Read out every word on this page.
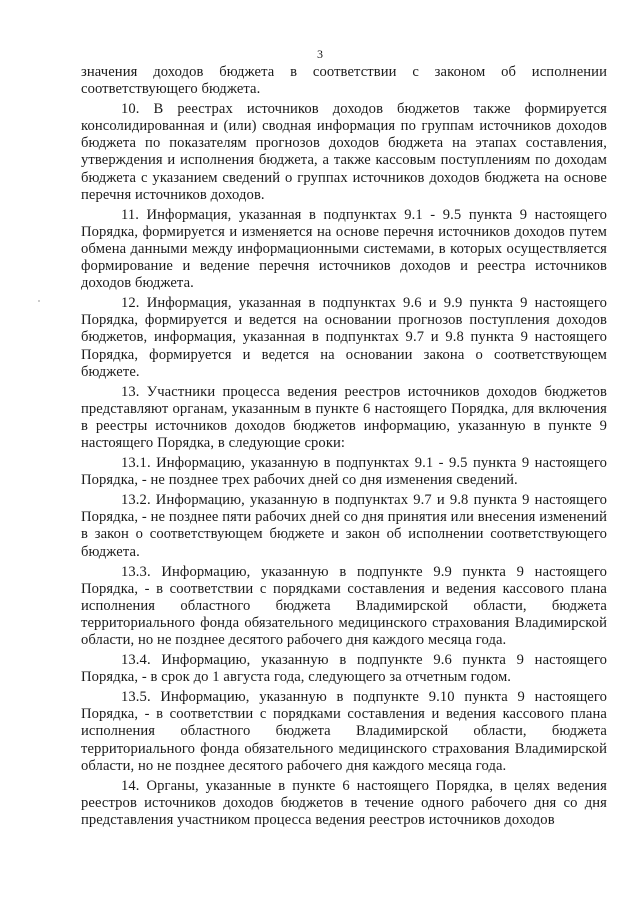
3

значения доходов бюджета в соответствии с законом об исполнении соответствующего бюджета.

10. В реестрах источников доходов бюджетов также формируется консолидированная и (или) сводная информация по группам источников доходов бюджета по показателям прогнозов доходов бюджета на этапах составления, утверждения и исполнения бюджета, а также кассовым поступлениям по доходам бюджета с указанием сведений о группах источников доходов бюджета на основе перечня источников доходов.

11. Информация, указанная в подпунктах 9.1 - 9.5 пункта 9 настоящего Порядка, формируется и изменяется на основе перечня источников доходов путем обмена данными между информационными системами, в которых осуществляется формирование и ведение перечня источников доходов и реестра источников доходов бюджета.

12. Информация, указанная в подпунктах 9.6 и 9.9 пункта 9 настоящего Порядка, формируется и ведется на основании прогнозов поступления доходов бюджетов, информация, указанная в подпунктах 9.7 и 9.8 пункта 9 настоящего Порядка, формируется и ведется на основании закона о соответствующем бюджете.

13. Участники процесса ведения реестров источников доходов бюджетов представляют органам, указанным в пункте 6 настоящего Порядка, для включения в реестры источников доходов бюджетов информацию, указанную в пункте 9 настоящего Порядка, в следующие сроки:

13.1. Информацию, указанную в подпунктах 9.1 - 9.5 пункта 9 настоящего Порядка, - не позднее трех рабочих дней со дня изменения сведений.

13.2. Информацию, указанную в подпунктах 9.7 и 9.8 пункта 9 настоящего Порядка, - не позднее пяти рабочих дней со дня принятия или внесения изменений в закон о соответствующем бюджете и закон об исполнении соответствующего бюджета.

13.3. Информацию, указанную в подпункте 9.9 пункта 9 настоящего Порядка, - в соответствии с порядками составления и ведения кассового плана исполнения областного бюджета Владимирской области, бюджета территориального фонда обязательного медицинского страхования Владимирской области, но не позднее десятого рабочего дня каждого месяца года.

13.4. Информацию, указанную в подпункте 9.6 пункта 9 настоящего Порядка, - в срок до 1 августа года, следующего за отчетным годом.

13.5. Информацию, указанную в подпункте 9.10 пункта 9 настоящего Порядка, - в соответствии с порядками составления и ведения кассового плана исполнения областного бюджета Владимирской области, бюджета территориального фонда обязательного медицинского страхования Владимирской области, но не позднее десятого рабочего дня каждого месяца года.

14. Органы, указанные в пункте 6 настоящего Порядка, в целях ведения реестров источников доходов бюджетов в течение одного рабочего дня со дня представления участником процесса ведения реестров источников доходов
